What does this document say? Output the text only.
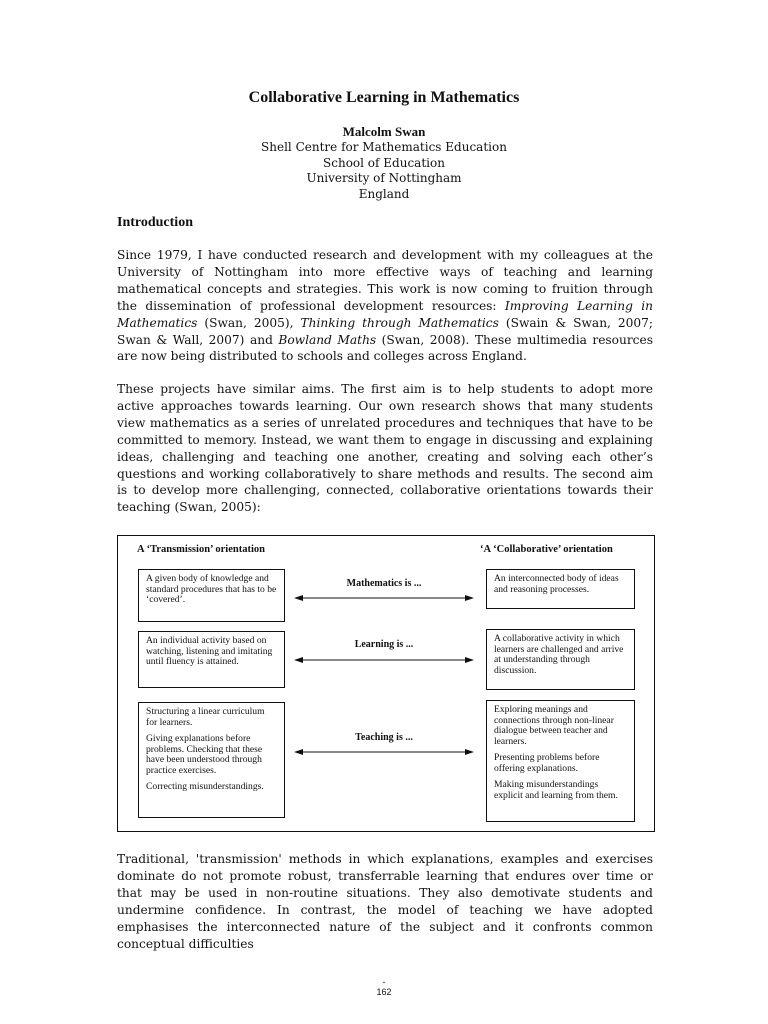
Collaborative Learning in Mathematics
Malcolm Swan
Shell Centre for Mathematics Education
School of Education
University of Nottingham
England
Introduction

Since 1979, I have conducted research and development with my colleagues at the University of Nottingham into more effective ways of teaching and learning mathematical concepts and strategies. This work is now coming to fruition through the dissemination of professional development resources: Improving Learning in Mathematics (Swan, 2005), Thinking through Mathematics (Swain & Swan, 2007; Swan & Wall, 2007) and Bowland Maths (Swan, 2008). These multimedia resources are now being distributed to schools and colleges across England.

These projects have similar aims. The first aim is to help students to adopt more active approaches towards learning. Our own research shows that many students view mathematics as a series of unrelated procedures and techniques that have to be committed to memory. Instead, we want them to engage in discussing and explaining ideas, challenging and teaching one another, creating and solving each other’s questions and working collaboratively to share methods and results. The second aim is to develop more challenging, connected, collaborative orientations towards their teaching (Swan, 2005):

A ‘Transmission’ orientation	‘A ‘Collaborative’ orientation

A given body of knowledge and standard procedures that has to be ‘covered’.

Mathematics is ...	An interconnected body of ideas and reasoning processes.

An individual activity based on watching, listening and imitating until fluency is attained.

Learning is ...

A collaborative activity in which learners are challenged and arrive at understanding through discussion.

Structuring a linear curriculum for learners.

Giving explanations before problems. Checking that these have been understood through practice exercises.

Correcting misunderstandings.

Teaching is ...

Exploring meanings and connections through non-linear dialogue between teacher and learners.

Presenting problems before offering explanations.

Making misunderstandings explicit and learning from them.

Traditional, 'transmission' methods in which explanations, examples and exercises dominate do not promote robust, transferrable learning that endures over time or that may be used in non-routine situations. They also demotivate students and undermine confidence. In contrast, the model of teaching we have adopted emphasises the interconnected nature of the subject and it confronts common conceptual difficulties

-
162
